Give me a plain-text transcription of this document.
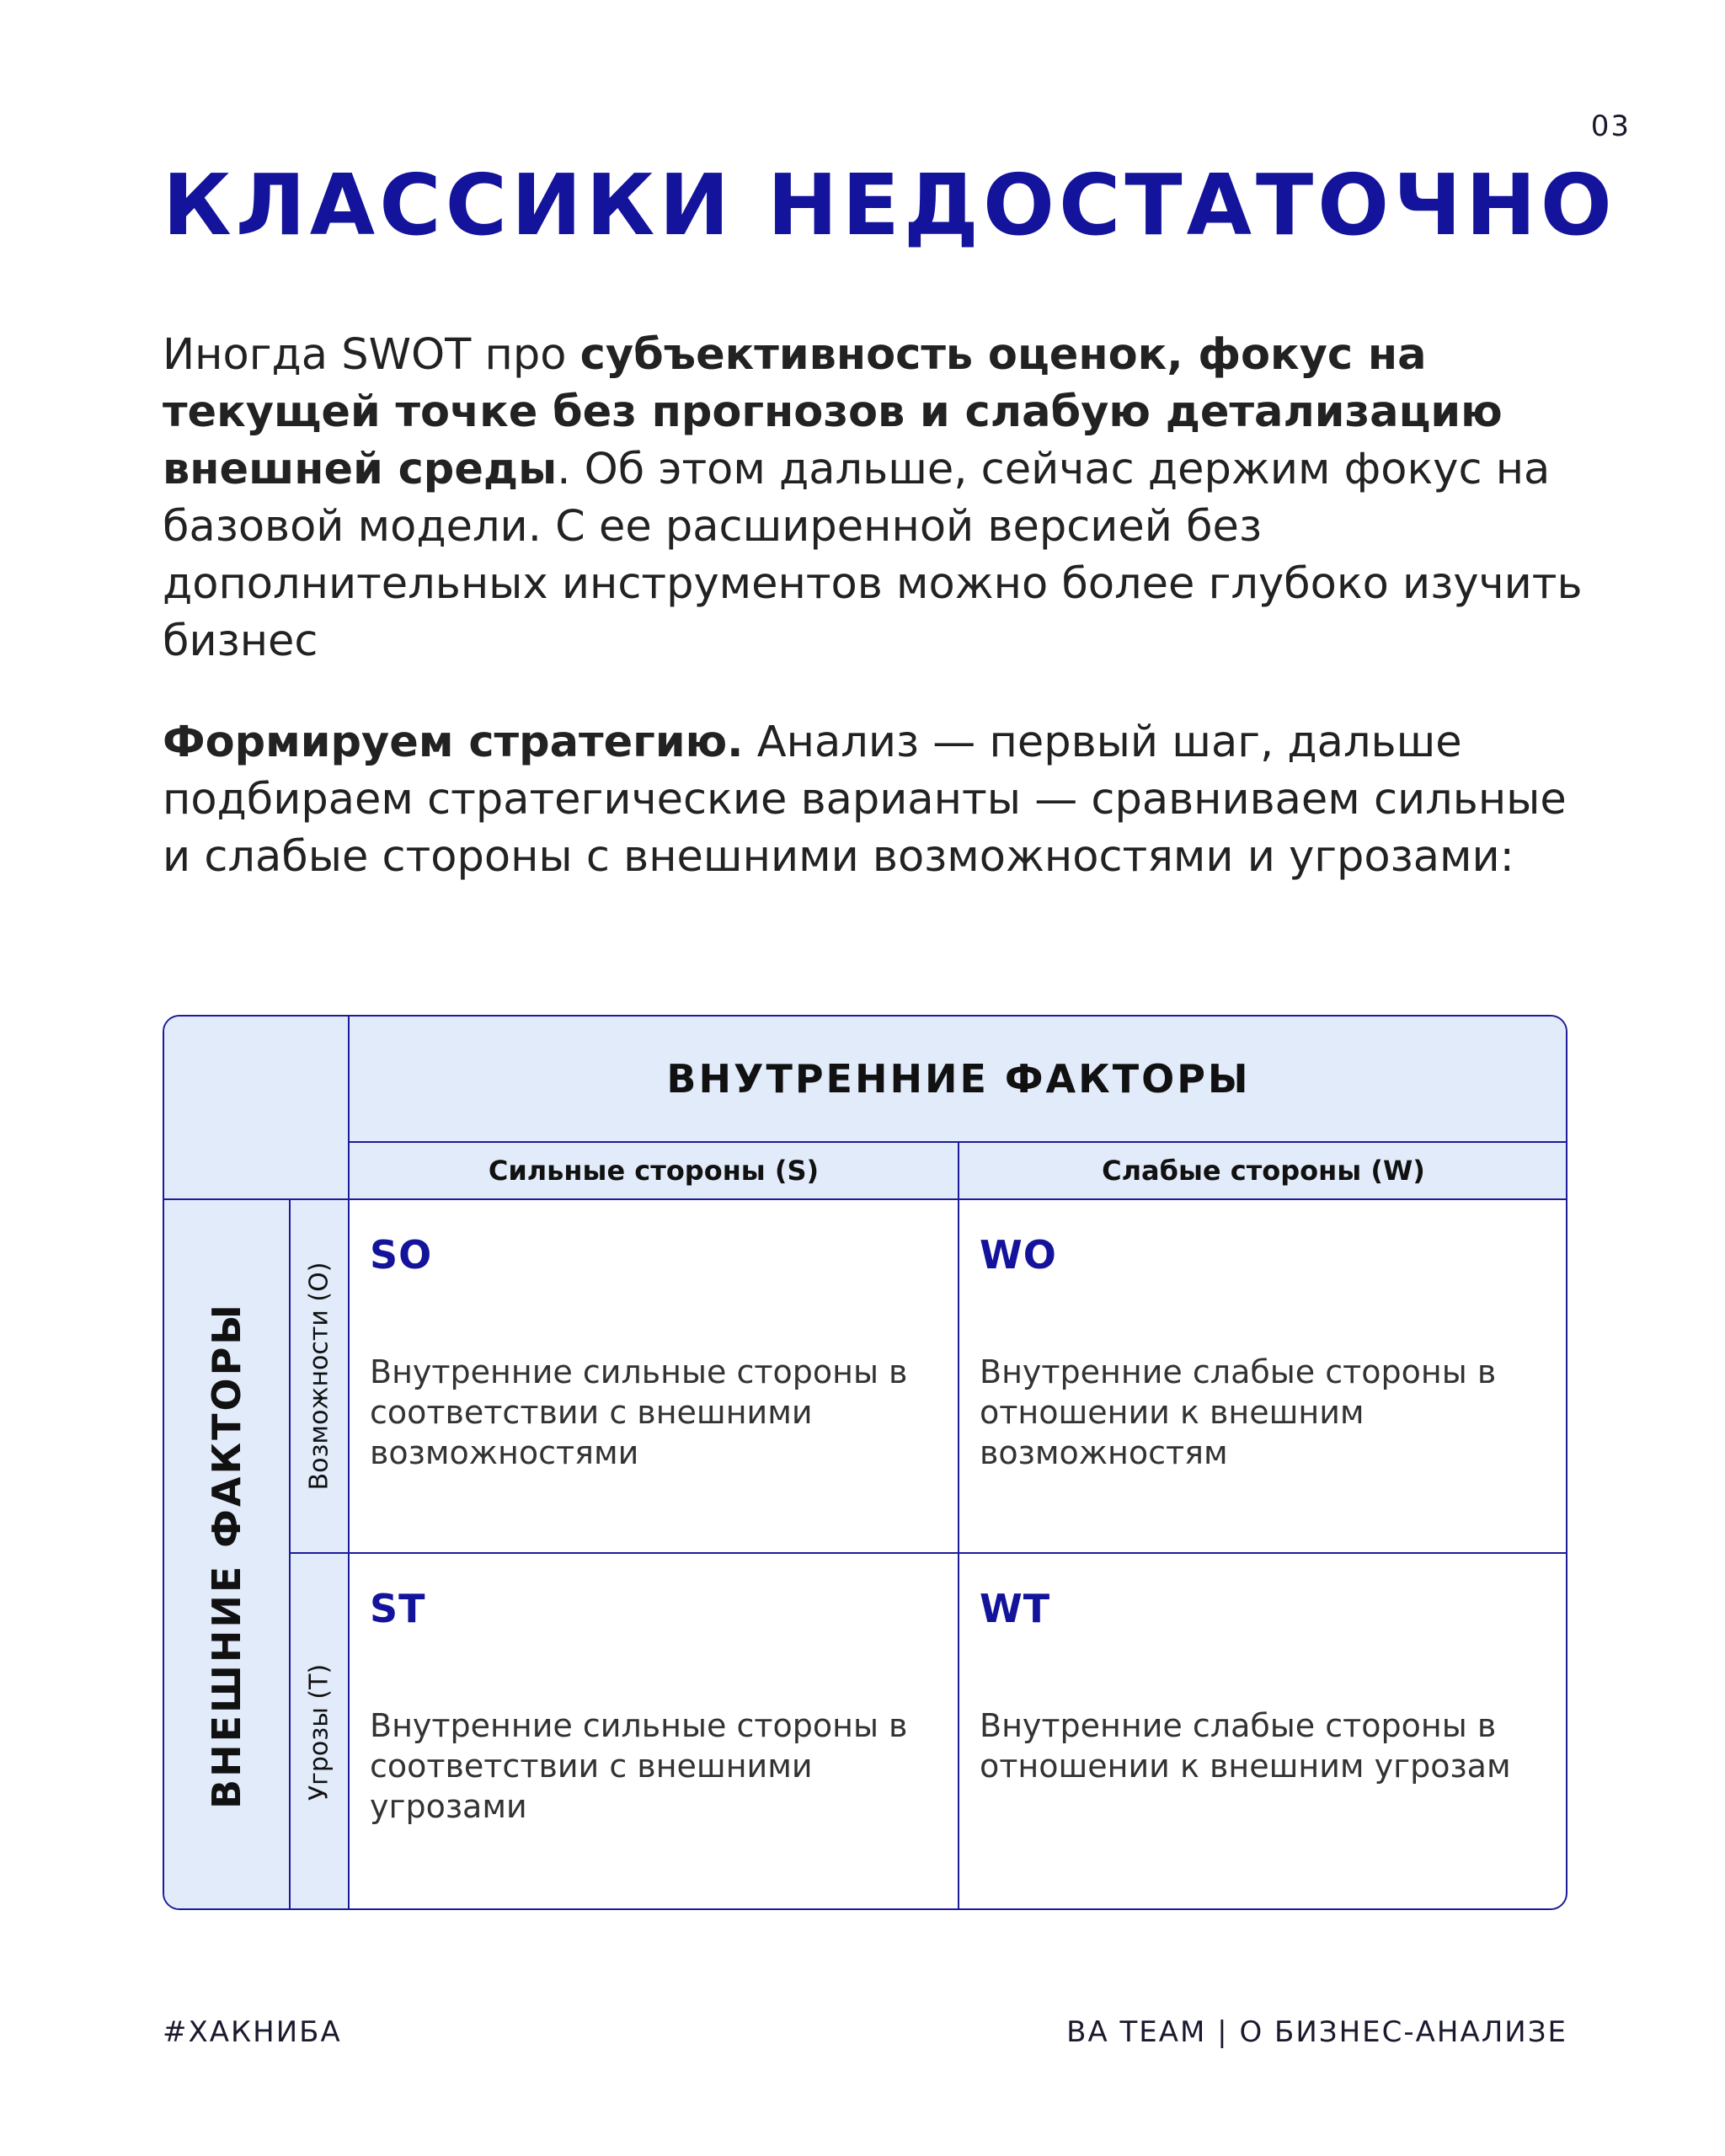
03
КЛАССИКИ НЕДОСТАТОЧНО

Иногда SWOT про субъективность оценок, фокус на текущей точке без прогнозов и слабую детализацию внешней среды. Об этом дальше, сейчас держим фокус на базовой модели. С ее расширенной версией без дополнительных инструментов можно более глубоко изучить бизнес

Формируем стратегию. Анализ — первый шаг, дальше подбираем стратегические варианты — сравниваем сильные и слабые стороны с внешними возможностями и угрозами:

ВНУТРЕННИЕ ФАКТОРЫ
Сильные стороны (S)	Слабые стороны (W)
ВНЕШНИЕ ФАКТОРЫ Возможности (O)
Угрозы (T)
SO
Внутренние сильные стороны в соответствии с внешними возможностями
WO
Внутренние слабые стороны в отношении к внешним возможностям
ST
Внутренние сильные стороны в соответствии с внешними угрозами
WT
Внутренние слабые стороны в отношении к внешним угрозам
#ХАКНИБА	BA TEAM | О БИЗНЕС-АНАЛИЗЕ
